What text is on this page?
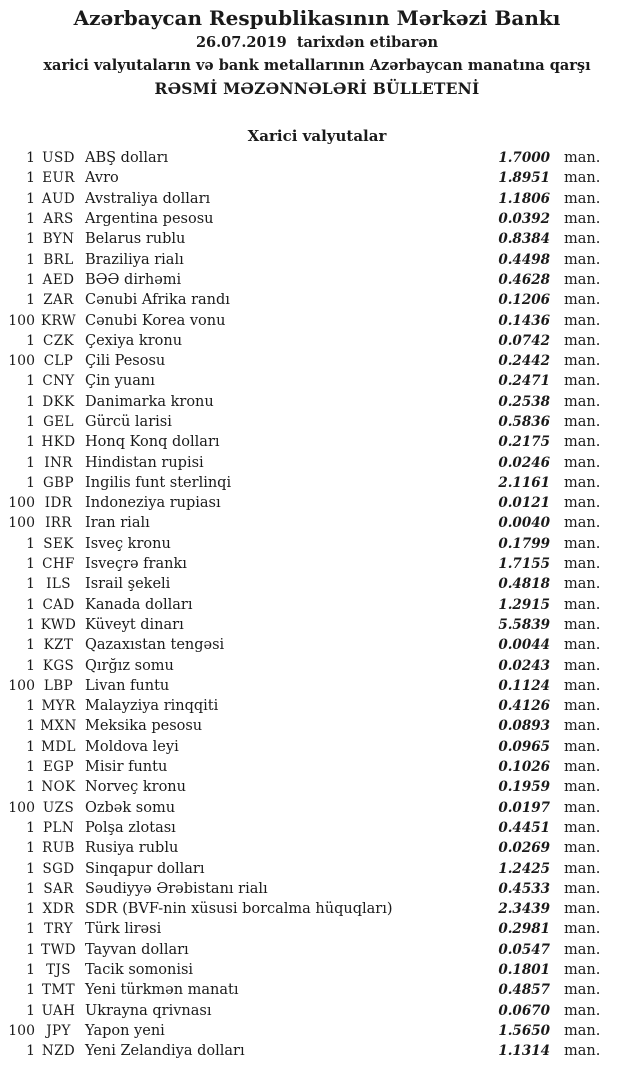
Azərbaycan Respublikasının Mərkəzi Bankı
26.07.2019  tarixdən etibarən
xarici valyutaların və bank metallarının Azərbaycan manatına qarşı
RƏSMİ MƏZƏNNƏLƏRİ BÜLLETENİ
Xarici valyutalar
1 USD ABŞ dolları	1.7000 man.
1 EUR Avro	1.8951 man.
1 AUD Avstraliya dolları	1.1806 man.
1 ARS Argentina pesosu	0.0392 man.
1 BYN Belarus rublu	0.8384 man.
1 BRL Braziliya rialı	0.4498 man.
1 AED BƏƏ dirhəmi	0.4628 man.
1 ZAR Cənubi Afrika randı	0.1206 man.
100 KRW Cənubi Korea vonu	0.1436 man.
1 CZK Çexiya kronu	0.0742 man.
100 CLP Çili Pesosu	0.2442 man.
1 CNY Çin yuanı	0.2471 man.
1 DKK Danimarka kronu	0.2538 man.
1 GEL Gürcü larisi	0.5836 man.
1 HKD Honq Konq dolları	0.2175 man.
1 INR Hindistan rupisi	0.0246 man.
1 GBP İngilis funt sterlinqi	2.1161 man.
100 IDR İndoneziya rupiası	0.0121 man.
100 IRR İran rialı	0.0040 man.
1 SEK İsveç kronu	0.1799 man.
1 CHF İsveçrə frankı	1.7155 man.
1 ILS İsrail şekeli	0.4818 man.
1 CAD Kanada dolları	1.2915 man.
1 KWD Küveyt dinarı	5.5839 man.
1 KZT Qazaxıstan tengəsi	0.0044 man.
1 KGS Qırğız somu	0.0243 man.
100 LBP Livan funtu	0.1124 man.
1 MYR Malayziya rinqqiti	0.4126 man.
1 MXN Meksika pesosu	0.0893 man.
1 MDL Moldova leyi	0.0965 man.
1 EGP Misir funtu	0.1026 man.
1 NOK Norveç kronu	0.1959 man.
100 UZS Özbək somu	0.0197 man.
1 PLN Polşa zlotası	0.4451 man.
1 RUB Rusiya rublu	0.0269 man.
1 SGD Sinqapur dolları	1.2425 man.
1 SAR Səudiyyə Ərəbistanı rialı	0.4533 man.
1 XDR SDR (BVF-nin xüsusi borcalma hüquqları)	2.3439 man.
1 TRY Türk lirəsi	0.2981 man.
1 TWD Tayvan dolları	0.0547 man.
1 TJS Tacik somonisi	0.1801 man.
1 TMT Yeni türkmən manatı	0.4857 man.
1 UAH Ukrayna qrivnası	0.0670 man.
100 JPY Yapon yeni	1.5650 man.
1 NZD Yeni Zelandiya dolları	1.1314 man.
